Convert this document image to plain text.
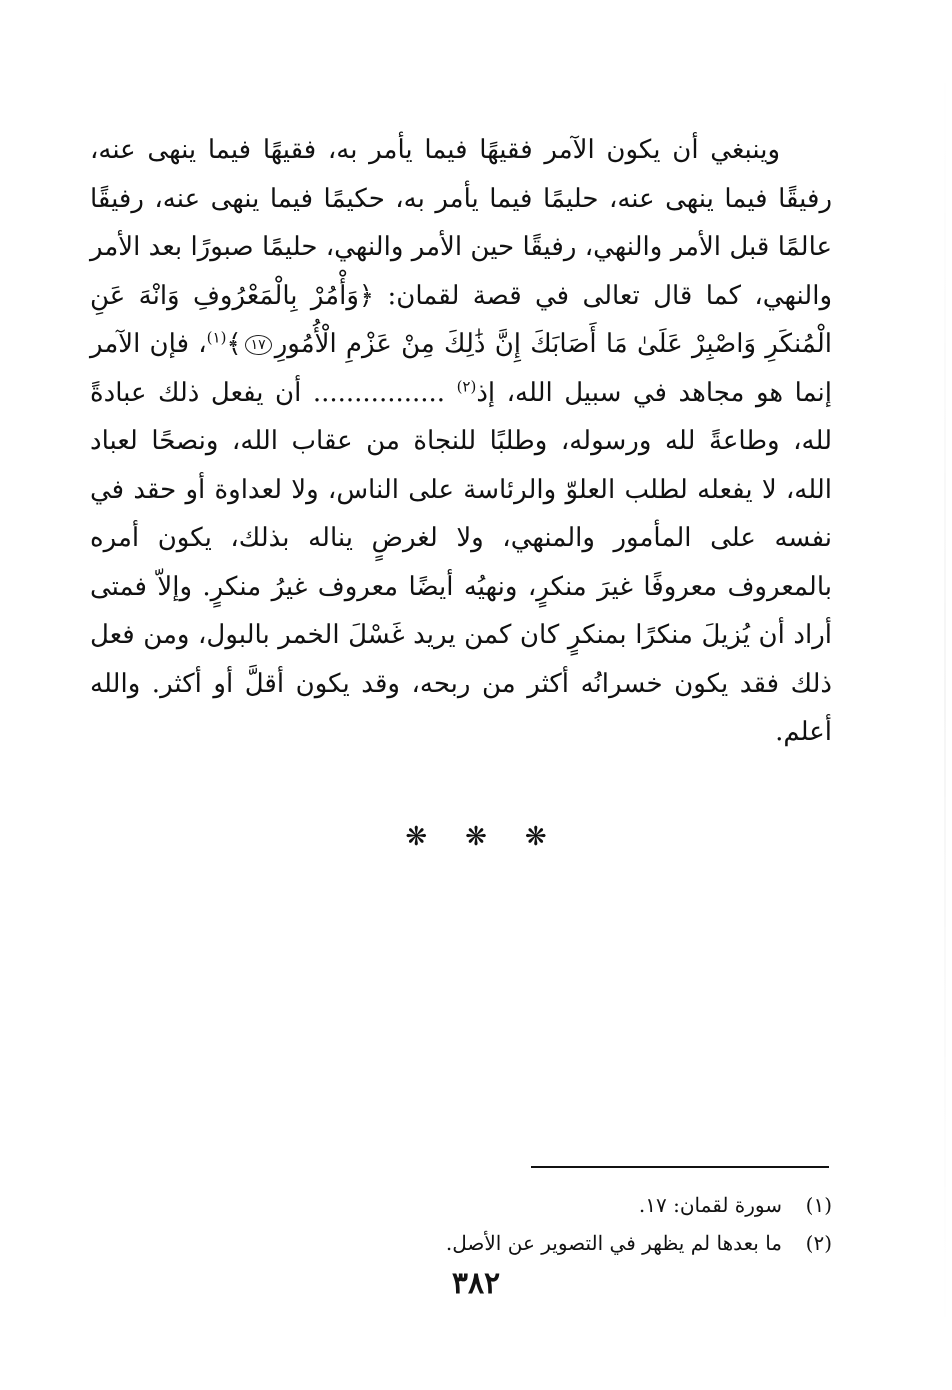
وينبغي أن يكون الآمر فقيهًا فيما يأمر به، فقيهًا فيما ينهى عنه، رفيقًا فيما ينهى عنه، حليمًا فيما يأمر به، حكيمًا فيما ينهى عنه، رفيقًا عالمًا قبل الأمر والنهي، رفيقًا حين الأمر والنهي، حليمًا صبورًا بعد الأمر والنهي، كما قال تعالى في قصة لقمان: ﴿وَأْمُرْ بِالْمَعْرُوفِ وَانْهَ عَنِ الْمُنكَرِ وَاصْبِرْ عَلَىٰ مَا أَصَابَكَ إِنَّ ذَٰلِكَ مِنْ عَزْمِ الْأُمُورِ١٧﴾$^{(١)}$، فإن الآمر إنما هو مجاهد في سبيل الله، إذ$^{(٢)}$ ................ أن يفعل ذلك عبادةً لله، وطاعةً لله ورسوله، وطلبًا للنجاة من عقاب الله، ونصحًا لعباد الله، لا يفعله لطلب العلوّ والرئاسة على الناس، ولا لعداوة أو حقد في نفسه على المأمور والمنهي، ولا لغرضٍ يناله بذلك، يكون أمره بالمعروف معروفًا غيرَ منكرٍ، ونهيُه أيضًا معروف غيرُ منكرٍ. وإلاّ فمتى أراد أن يُزيلَ منكرًا بمنكرٍ كان كمن يريد غَسْلَ الخمر بالبول، ومن فعل ذلك فقد يكون خسرانُه أكثر من ربحه، وقد يكون أقلَّ أو أكثر. والله أعلم.

❋❋❋
(١)
سورة لقمان: ١٧.
(٢)
ما بعدها لم يظهر في التصوير عن الأصل.
٣٨٢
